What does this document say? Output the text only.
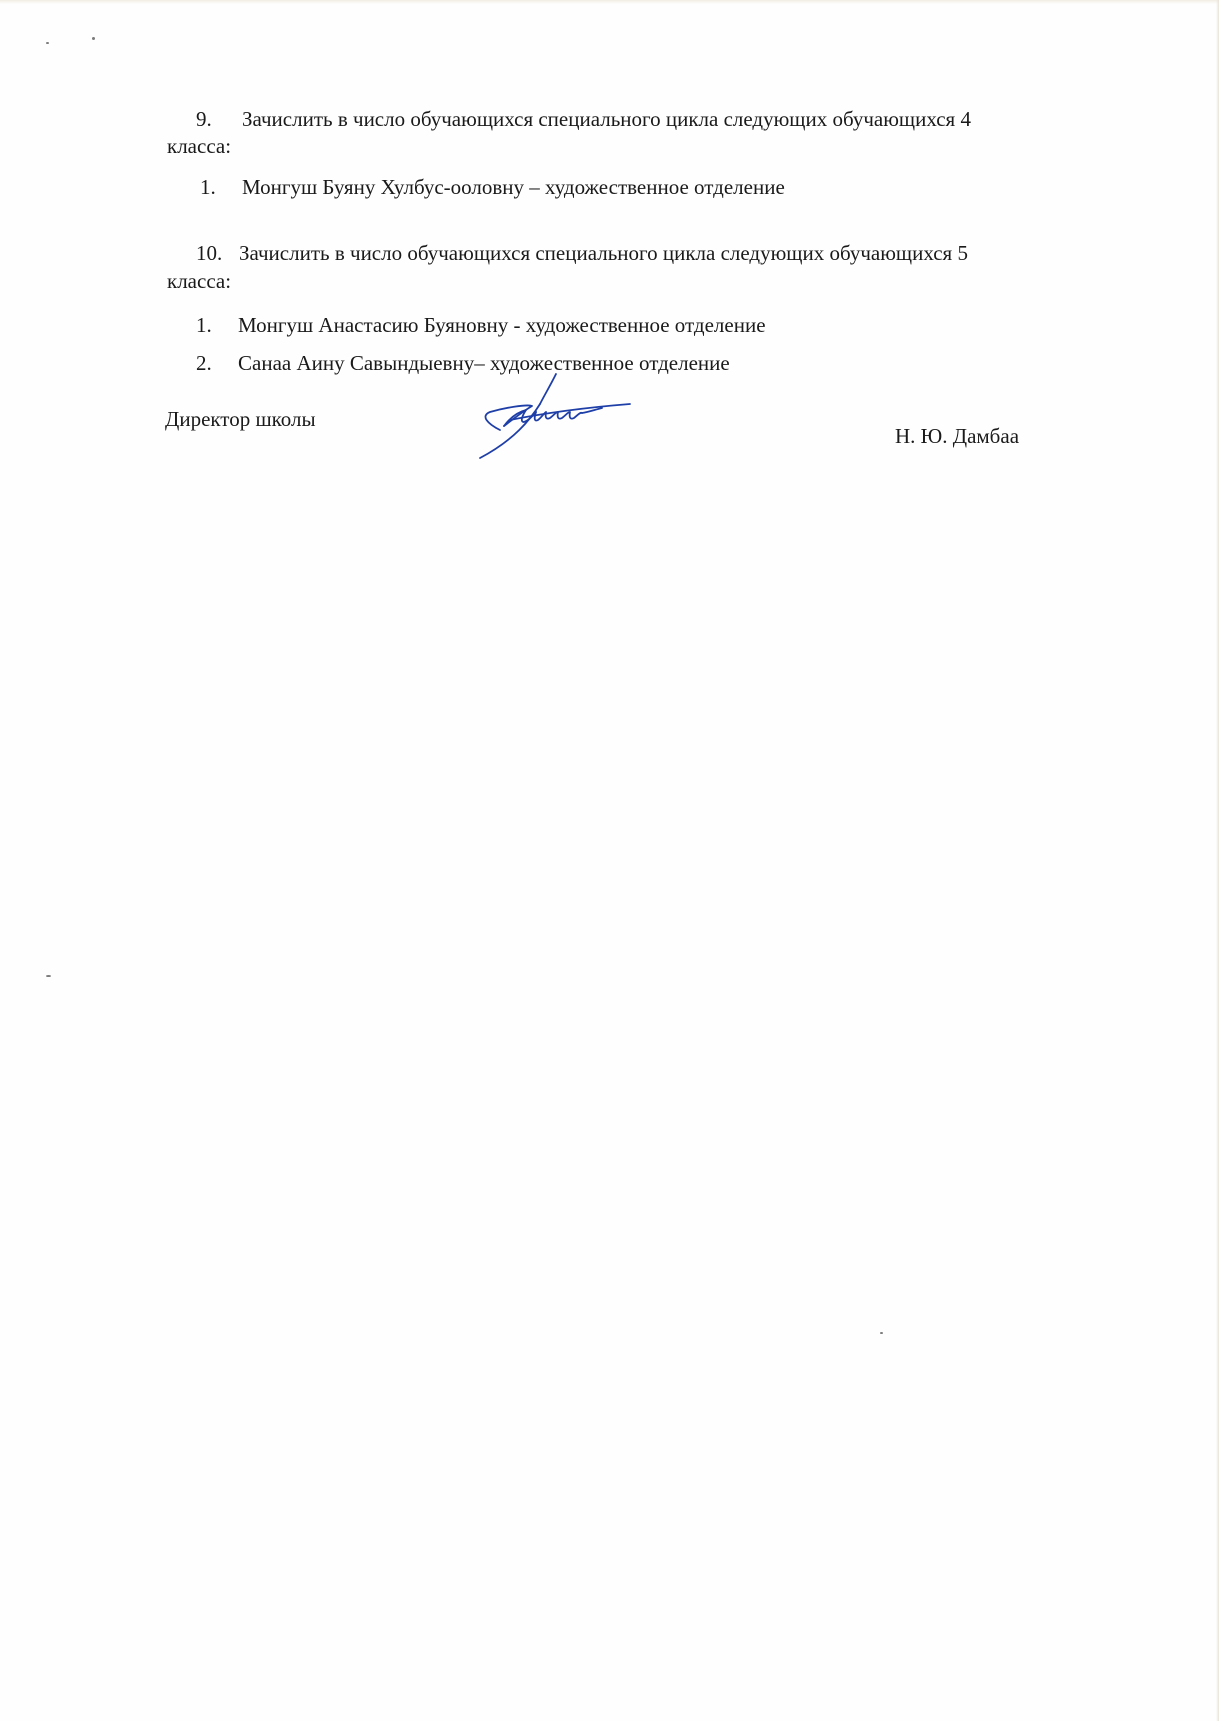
9. Зачислить в число обучающихся специального цикла следующих обучающихся 4
класса:
1. Монгуш Буяну Хулбус-ооловну – художественное отделение
10. Зачислить в число обучающихся специального цикла следующих обучающихся 5
класса:
1. Монгуш Анастасию Буяновну - художественное отделение
2. Санаа Аину Савындыевну– художественное отделение
Директор школы
Н. Ю. Дамбаа
